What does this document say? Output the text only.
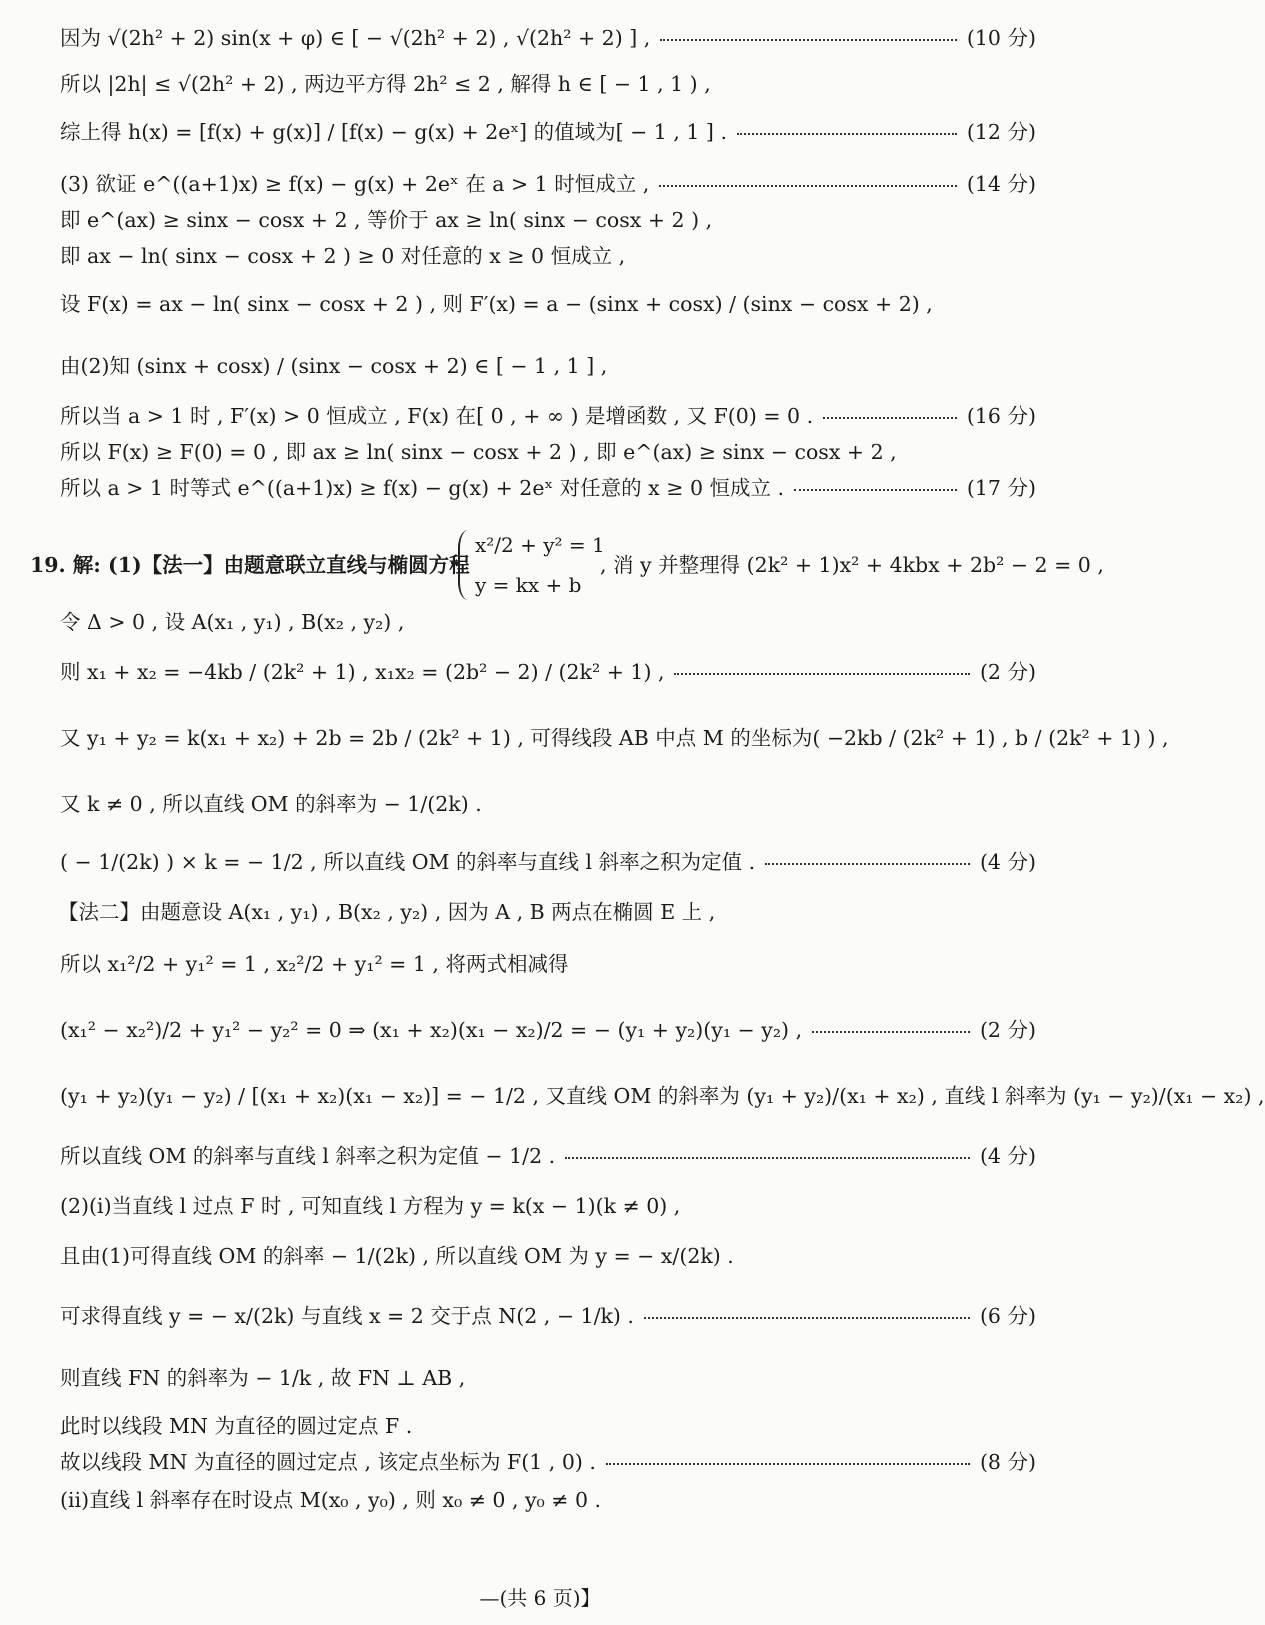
因为 √(2h² + 2) sin(x + φ) ∈ [ − √(2h² + 2) , √(2h² + 2) ] ,	(10 分)
所以 |2h| ≤ √(2h² + 2) , 两边平方得 2h² ≤ 2 , 解得 h ∈ [ − 1 , 1 ) ,
综上得 h(x) = [f(x) + g(x)] / [f(x) − g(x) + 2eˣ] 的值域为[ − 1 , 1 ] .	(12 分)
(3) 欲证 e^((a+1)x) ≥ f(x) − g(x) + 2eˣ 在 a > 1 时恒成立 ,	(14 分)
即 e^(ax) ≥ sinx − cosx + 2 , 等价于 ax ≥ ln( sinx − cosx + 2 ) ,
即 ax − ln( sinx − cosx + 2 ) ≥ 0 对任意的 x ≥ 0 恒成立 ,
设 F(x) = ax − ln( sinx − cosx + 2 ) , 则 F′(x) = a − (sinx + cosx) / (sinx − cosx + 2) ,
由(2)知 (sinx + cosx) / (sinx − cosx + 2) ∈ [ − 1 , 1 ] ,
所以当 a > 1 时 , F′(x) > 0 恒成立 , F(x) 在[ 0 , + ∞ ) 是增函数 , 又 F(0) = 0 .	(16 分)
所以 F(x) ≥ F(0) = 0 , 即 ax ≥ ln( sinx − cosx + 2 ) , 即 e^(ax) ≥ sinx − cosx + 2 ,
所以 a > 1 时等式 e^((a+1)x) ≥ f(x) − g(x) + 2eˣ 对任意的 x ≥ 0 恒成立 .	(17 分)
19. 解: (1)【法一】由题意联立直线与椭圆方程
x²/2 + y² = 1
y = kx + b
, 消 y 并整理得 (2k² + 1)x² + 4kbx + 2b² − 2 = 0 ,
令 Δ > 0 , 设 A(x₁ , y₁) , B(x₂ , y₂) ,
则 x₁ + x₂ = −4kb / (2k² + 1) , x₁x₂ = (2b² − 2) / (2k² + 1) ,	(2 分)
又 y₁ + y₂ = k(x₁ + x₂) + 2b = 2b / (2k² + 1) , 可得线段 AB 中点 M 的坐标为( −2kb / (2k² + 1) , b / (2k² + 1) ) ,
又 k ≠ 0 , 所以直线 OM 的斜率为 − 1/(2k) .
( − 1/(2k) ) × k = − 1/2 , 所以直线 OM 的斜率与直线 l 斜率之积为定值 .	(4 分)
【法二】由题意设 A(x₁ , y₁) , B(x₂ , y₂) , 因为 A , B 两点在椭圆 E 上 ,
所以 x₁²/2 + y₁² = 1 , x₂²/2 + y₁² = 1 , 将两式相减得
(x₁² − x₂²)/2 + y₁² − y₂² = 0 ⇒ (x₁ + x₂)(x₁ − x₂)/2 = − (y₁ + y₂)(y₁ − y₂) ,	(2 分)
(y₁ + y₂)(y₁ − y₂) / [(x₁ + x₂)(x₁ − x₂)] = − 1/2 , 又直线 OM 的斜率为 (y₁ + y₂)/(x₁ + x₂) , 直线 l 斜率为 (y₁ − y₂)/(x₁ − x₂) ,
所以直线 OM 的斜率与直线 l 斜率之积为定值 − 1/2 .	(4 分)
(2)(ⅰ)当直线 l 过点 F 时 , 可知直线 l 方程为 y = k(x − 1)(k ≠ 0) ,
且由(1)可得直线 OM 的斜率 − 1/(2k) , 所以直线 OM 为 y = − x/(2k) .
可求得直线 y = − x/(2k) 与直线 x = 2 交于点 N(2 , − 1/k) .	(6 分)
则直线 FN 的斜率为 − 1/k , 故 FN ⊥ AB ,
此时以线段 MN 为直径的圆过定点 F .
故以线段 MN 为直径的圆过定点 , 该定点坐标为 F(1 , 0) .	(8 分)
(ⅱ)直线 l 斜率存在时设点 M(x₀ , y₀) , 则 x₀ ≠ 0 , y₀ ≠ 0 .
—(共 6 页)】
